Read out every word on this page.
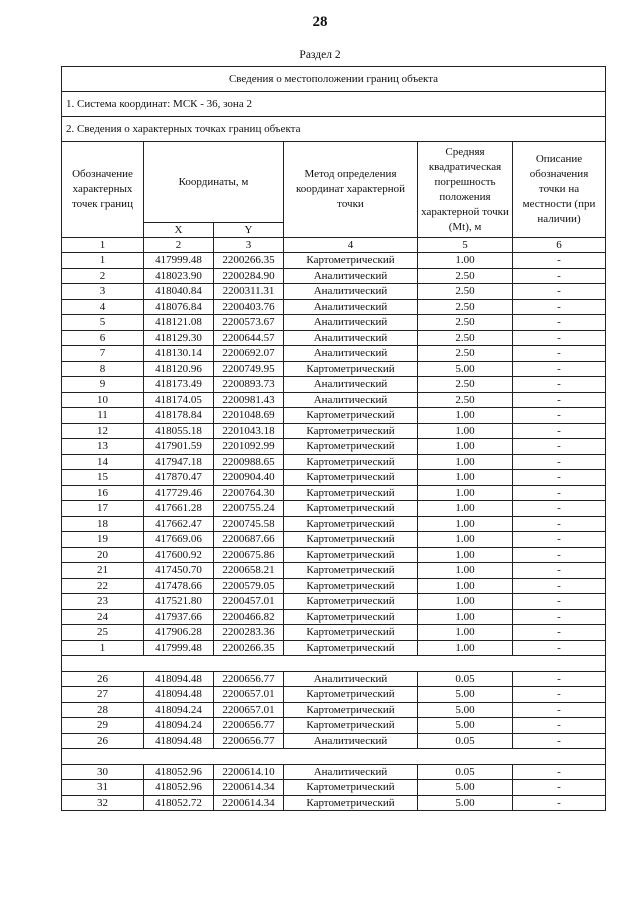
28
Раздел 2
Сведения о местоположении границ объекта					
1. Система координат: МСК - 36, зона 2					
2. Сведения о характерных точках границ объекта					
Обозначение характерных точек границ	Координаты, м		Метод определения координат характерной точки	Средняя квадратическая погрешность положения характерной точки (Mt), м	Описание обозначения точки на местности (при наличии)
	X	Y			
1	2	3	4	5	6
1	417999.48	2200266.35	Картометрический	1.00	-
2	418023.90	2200284.90	Аналитический	2.50	-
3	418040.84	2200311.31	Аналитический	2.50	-
4	418076.84	2200403.76	Аналитический	2.50	-
5	418121.08	2200573.67	Аналитический	2.50	-
6	418129.30	2200644.57	Аналитический	2.50	-
7	418130.14	2200692.07	Аналитический	2.50	-
8	418120.96	2200749.95	Картометрический	5.00	-
9	418173.49	2200893.73	Аналитический	2.50	-
10	418174.05	2200981.43	Аналитический	2.50	-
11	418178.84	2201048.69	Картометрический	1.00	-
12	418055.18	2201043.18	Картометрический	1.00	-
13	417901.59	2201092.99	Картометрический	1.00	-
14	417947.18	2200988.65	Картометрический	1.00	-
15	417870.47	2200904.40	Картометрический	1.00	-
16	417729.46	2200764.30	Картометрический	1.00	-
17	417661.28	2200755.24	Картометрический	1.00	-
18	417662.47	2200745.58	Картометрический	1.00	-
19	417669.06	2200687.66	Картометрический	1.00	-
20	417600.92	2200675.86	Картометрический	1.00	-
21	417450.70	2200658.21	Картометрический	1.00	-
22	417478.66	2200579.05	Картометрический	1.00	-
23	417521.80	2200457.01	Картометрический	1.00	-
24	417937.66	2200466.82	Картометрический	1.00	-
25	417906.28	2200283.36	Картометрический	1.00	-
1	417999.48	2200266.35	Картометрический	1.00	-

26	418094.48	2200656.77	Аналитический	0.05	-
27	418094.48	2200657.01	Картометрический	5.00	-
28	418094.24	2200657.01	Картометрический	5.00	-
29	418094.24	2200656.77	Картометрический	5.00	-
26	418094.48	2200656.77	Аналитический	0.05	-

30	418052.96	2200614.10	Аналитический	0.05	-
31	418052.96	2200614.34	Картометрический	5.00	-
32	418052.72	2200614.34	Картометрический	5.00	-
